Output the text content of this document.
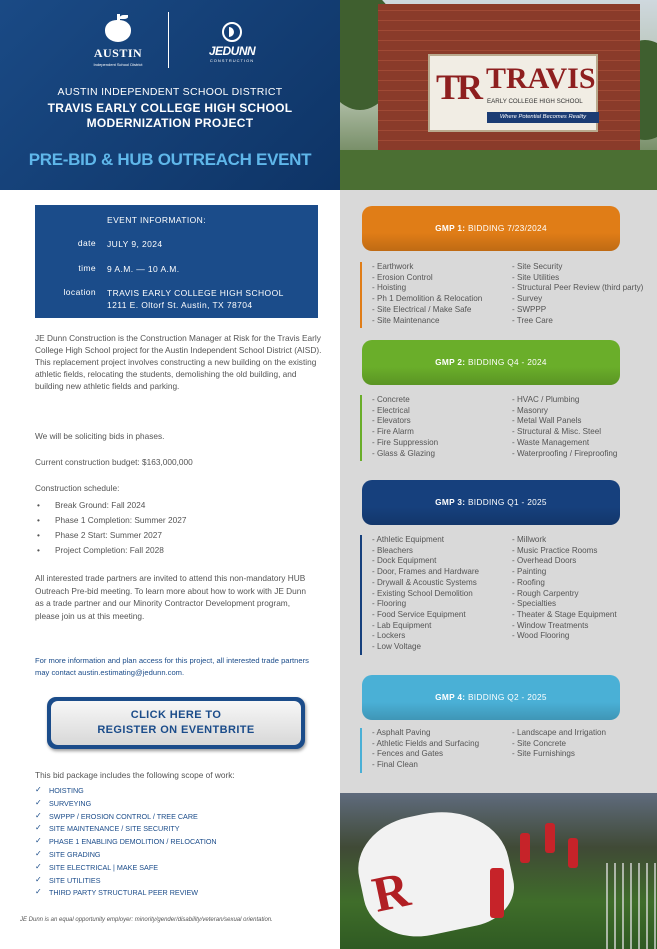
AUSTIN
Independent School District
JEDUNN
CONSTRUCTION
AUSTIN INDEPENDENT SCHOOL DISTRICT
TRAVIS EARLY COLLEGE HIGH SCHOOL
MODERNIZATION PROJECT
PRE-BID & HUB OUTREACH EVENT
EVENT INFORMATION:
date JULY 9, 2024
time 9 A.M. — 10 A.M.
location TRAVIS EARLY COLLEGE HIGH SCHOOL
1211 E. Oltorf St. Austin, TX 78704
JE Dunn Construction is the Construction Manager at Risk for the Travis Early College High School project for the Austin Independent School District (AISD). This replacement project involves constructing a new building on the existing athletic fields, relocating the students, demolishing the old building, and building new athletic fields and parking.
We will be soliciting bids in phases.
Current construction budget: $163,000,000
Construction schedule:
• Break Ground: Fall 2024
• Phase 1 Completion: Summer 2027
• Phase 2 Start: Summer 2027
• Project Completion: Fall 2028
All interested trade partners are invited to attend this non-mandatory HUB Outreach Pre-bid meeting. To learn more about how to work with JE Dunn as a trade partner and our Minority Contractor Development program, please join us at this meeting.
For more information and plan access for this project, all interested trade partners may contact austin.estimating@jedunn.com.
CLICK HERE TO
REGISTER ON EVENTBRITE
This bid package includes the following scope of work:
✓ HOISTING
✓ SURVEYING
✓ SWPPP / EROSION CONTROL / TREE CARE
✓ SITE MAINTENANCE / SITE SECURITY
✓ PHASE 1 ENABLING DEMOLITION / RELOCATION
✓ SITE GRADING
✓ SITE ELECTRICAL | MAKE SAFE
✓ SITE UTILITIES
✓ THIRD PARTY STRUCTURAL PEER REVIEW
JE Dunn is an equal opportunity employer: minority/gender/disability/veteran/sexual orientation.
TR TRAVIS
EARLY COLLEGE HIGH SCHOOL
Where Potential Becomes Reality
GMP 1: BIDDING 7/23/2024
- Earthwork
- Erosion Control
- Hoisting
- Ph 1 Demolition & Relocation
- Site Electrical / Make Safe
- Site Maintenance
- Site Security
- Site Utilities
- Structural Peer Review (third party)
- Survey
- SWPPP
- Tree Care
GMP 2: BIDDING Q4 - 2024
- Concrete
- Electrical
- Elevators
- Fire Alarm
- Fire Suppression
- Glass & Glazing
- HVAC / Plumbing
- Masonry
- Metal Wall Panels
- Structural & Misc. Steel
- Waste Management
- Waterproofing / Fireproofing
GMP 3: BIDDING Q1 - 2025
- Athletic Equipment
- Bleachers
- Dock Equipment
- Door, Frames and Hardware
- Drywall & Acoustic Systems
- Existing School Demolition
- Flooring
- Food Service Equipment
- Lab Equipment
- Lockers
- Low Voltage
- Millwork
- Music Practice Rooms
- Overhead Doors
- Painting
- Roofing
- Rough Carpentry
- Specialties
- Theater & Stage Equipment
- Window Treatments
- Wood Flooring
GMP 4: BIDDING Q2 - 2025
- Asphalt Paving
- Athletic Fields and Surfacing
- Fences and Gates
- Final Clean
- Landscape and Irrigation
- Site Concrete
- Site Furnishings
R
